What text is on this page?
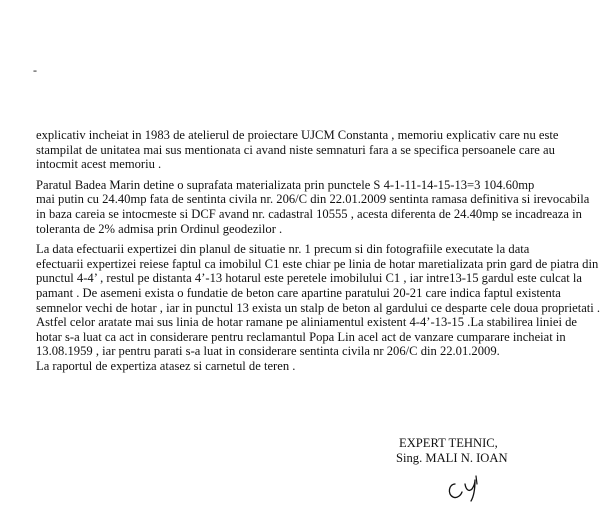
-
explicativ incheiat in 1983 de atelierul de proiectare UJCM Constanta , memoriu explicativ care nu este
stampilat de unitatea mai sus mentionata ci avand niste semnaturi fara a se specifica persoanele care au
intocmit acest memoriu .
Paratul Badea Marin detine o suprafata materializata prin punctele S 4-1-11-14-15-13=3 104.60mp
mai putin cu 24.40mp fata de sentinta civila nr. 206/C din 22.01.2009 sentinta ramasa definitiva si irevocabila
in baza careia se intocmeste si DCF avand nr. cadastral 10555 , acesta diferenta de 24.40mp se incadreaza in
toleranta de 2% admisa prin Ordinul geodezilor .
La data efectuarii expertizei din planul de situatie nr. 1 precum si din fotografiile executate la data
efectuarii expertizei reiese faptul ca imobilul C1 este chiar pe linia de hotar maretializata prin gard de piatra din
punctul 4-4’ , restul pe distanta 4’-13 hotarul este peretele imobilului C1 , iar intre13-15 gardul este culcat la
pamant . De asemeni exista o fundatie de beton care apartine paratului 20-21 care indica faptul existenta
semnelor vechi de hotar , iar in punctul 13 exista un stalp de beton al gardului ce desparte cele doua proprietati .
Astfel celor aratate mai sus linia de hotar ramane pe aliniamentul existent 4-4’-13-15 .La stabilirea liniei de
hotar s-a luat ca act in considerare pentru reclamantul Popa Lin acel act de vanzare cumparare incheiat in
13.08.1959 , iar pentru parati s-a luat in considerare sentinta civila nr 206/C din 22.01.2009.
La raportul de expertiza atasez si carnetul de teren .
EXPERT TEHNIC,
Sing. MALI N. IOAN
